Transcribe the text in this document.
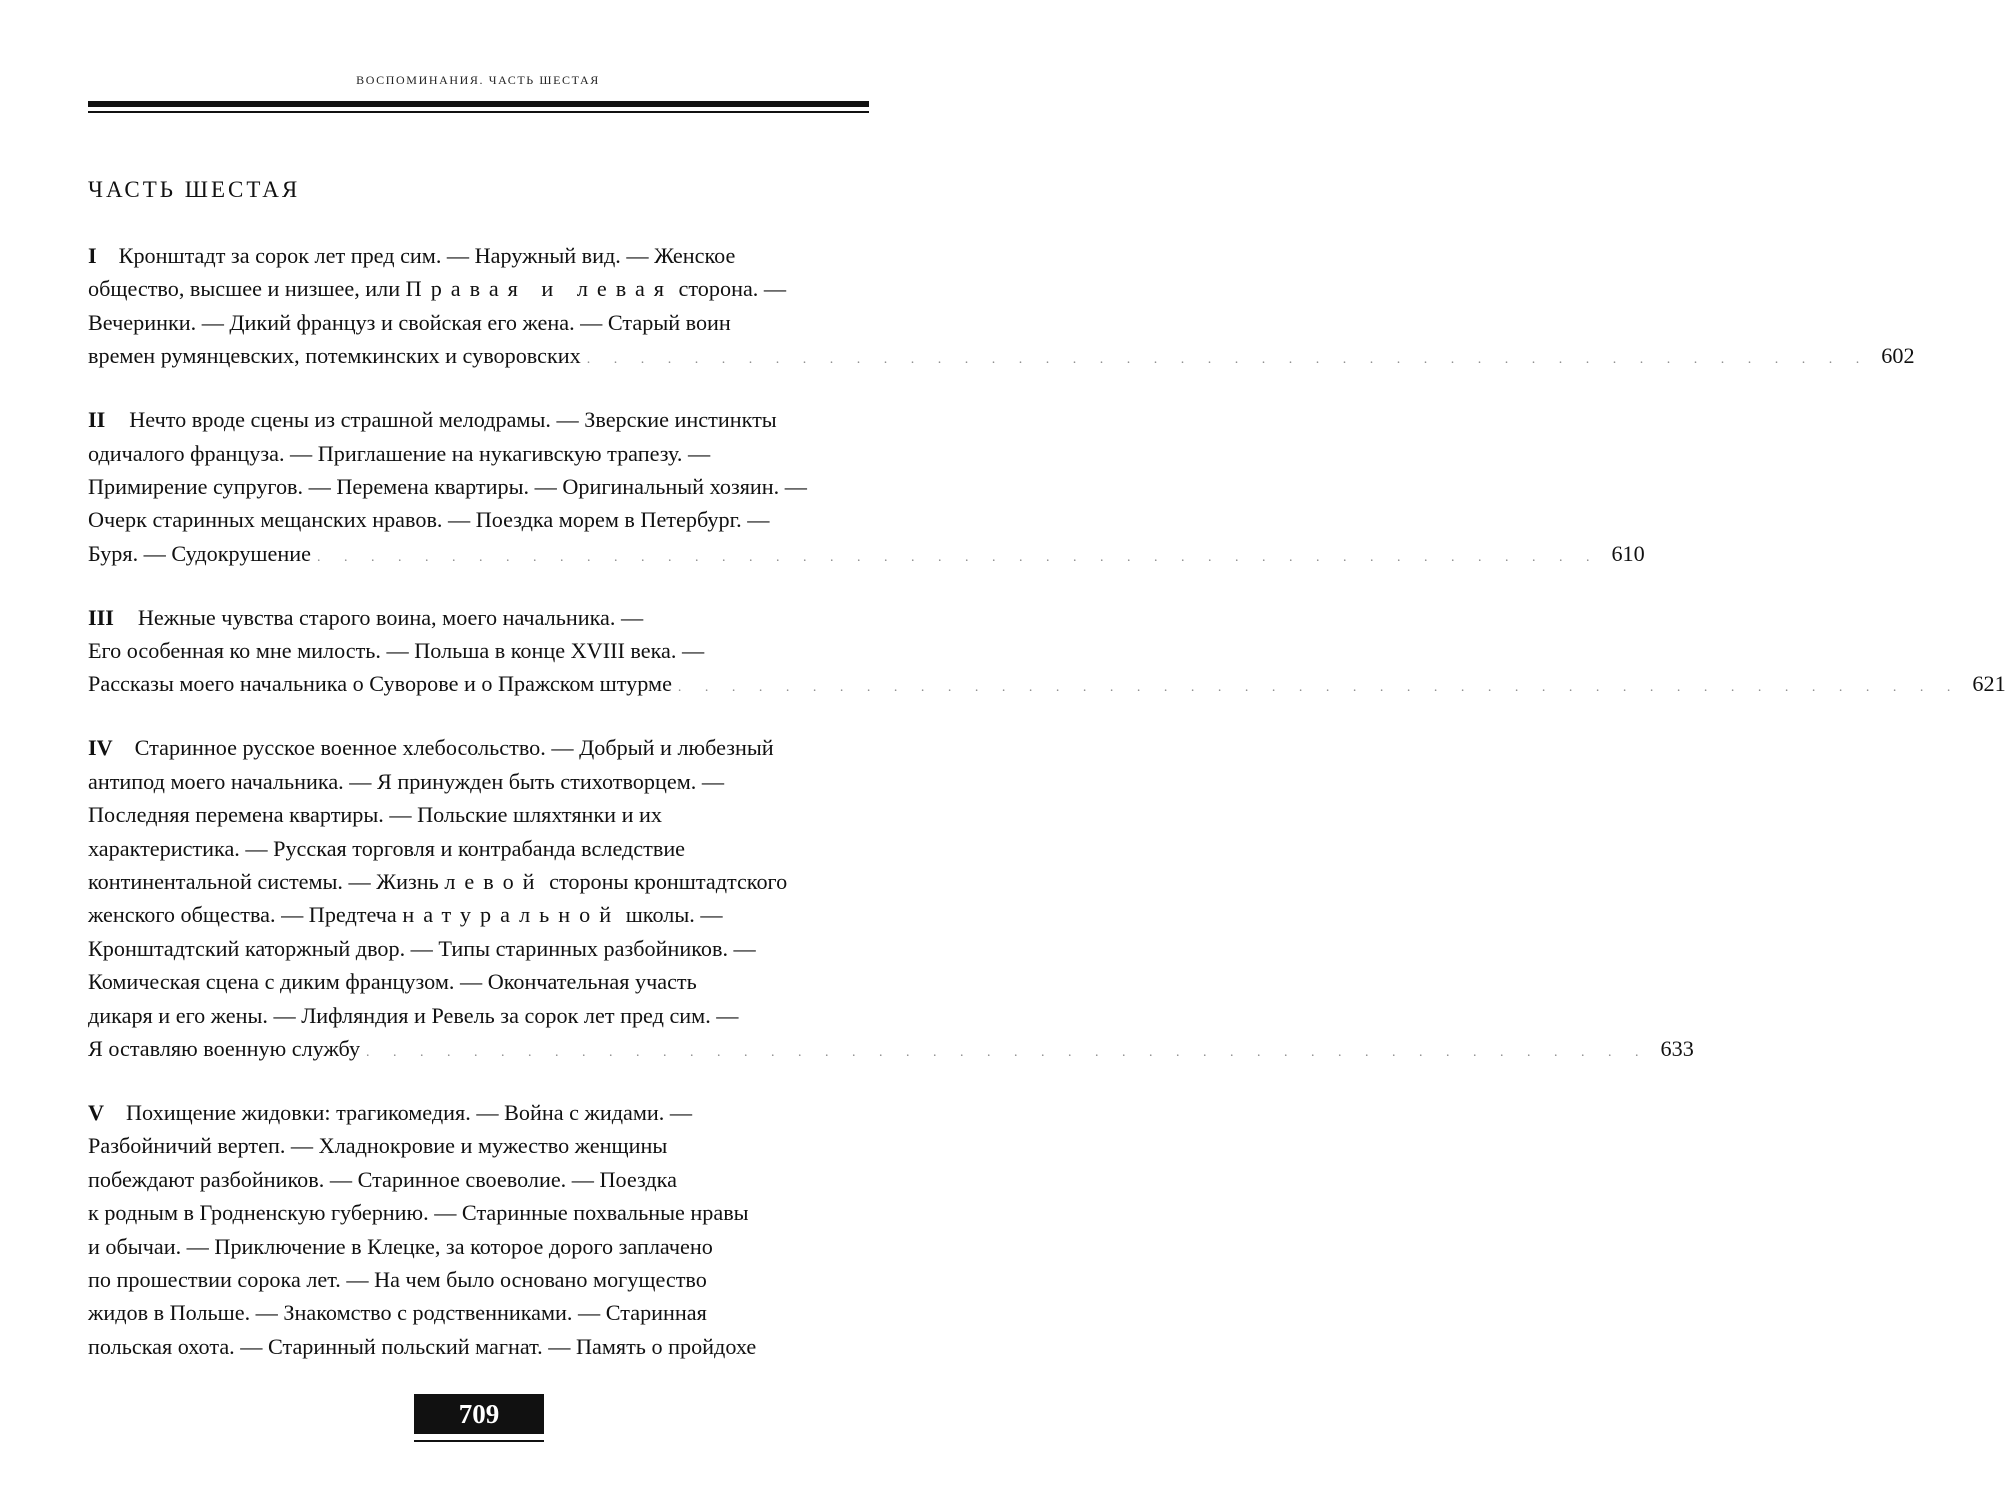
ВОСПОМИНАНИЯ. ЧАСТЬ ШЕСТАЯ
ЧАСТЬ ШЕСТАЯ
I Кронштадт за сорок лет пред сим. — Наружный вид. — Женское
общество, высшее и низшее, или Правая и левая сторона. —
Вечеринки. — Дикий француз и свойская его жена. — Старый воин
времен румянцевских, потемкинских и суворовских . . . . . . . . . . . . . . . . . . . . . . . . . . . . . . . . . . . . . . . . . . . . . . . . 602
II Нечто вроде сцены из страшной мелодрамы. — Зверские инстинкты
одичалого француза. — Приглашение на нукагивскую трапезу. —
Примирение супругов. — Перемена квартиры. — Оригинальный хозяин. —
Очерк старинных мещанских нравов. — Поездка морем в Петербург. —
Буря. — Судокрушение . . . . . . . . . . . . . . . . . . . . . . . . . . . . . . . . . . . . . . . . . . . . . . . . 610
III Нежные чувства старого воина, моего начальника. —
Его особенная ко мне милость. — Польша в конце XVIII века. —
Рассказы моего начальника о Суворове и о Пражском штурме . . . . . . . . . . . . . . . . . . . . . . . . . . . . . . . . . . . . . . . . . . . . . . . . 621
IV Старинное русское военное хлебосольство. — Добрый и любезный
антипод моего начальника. — Я принужден быть стихотворцем. —
Последняя перемена квартиры. — Польские шляхтянки и их
характеристика. — Русская торговля и контрабанда вследствие
континентальной системы. — Жизнь левой стороны кронштадтского
женского общества. — Предтеча натуральной школы. —
Кронштадтский каторжный двор. — Типы старинных разбойников. —
Комическая сцена с диким французом. — Окончательная участь
дикаря и его жены. — Лифляндия и Ревель за сорок лет пред сим. —
Я оставляю военную службу . . . . . . . . . . . . . . . . . . . . . . . . . . . . . . . . . . . . . . . . . . . . . . . . 633
V Похищение жидовки: трагикомедия. — Война с жидами. —
Разбойничий вертеп. — Хладнокровие и мужество женщины
побеждают разбойников. — Старинное своеволие. — Поездка
к родным в Гродненскую губернию. — Старинные похвальные нравы
и обычаи. — Приключение в Клецке, за которое дорого заплачено
по прошествии сорока лет. — На чем было основано могущество
жидов в Польше. — Знакомство с родственниками. — Старинная
польская охота. — Старинный польский магнат. — Память о пройдохе
709
